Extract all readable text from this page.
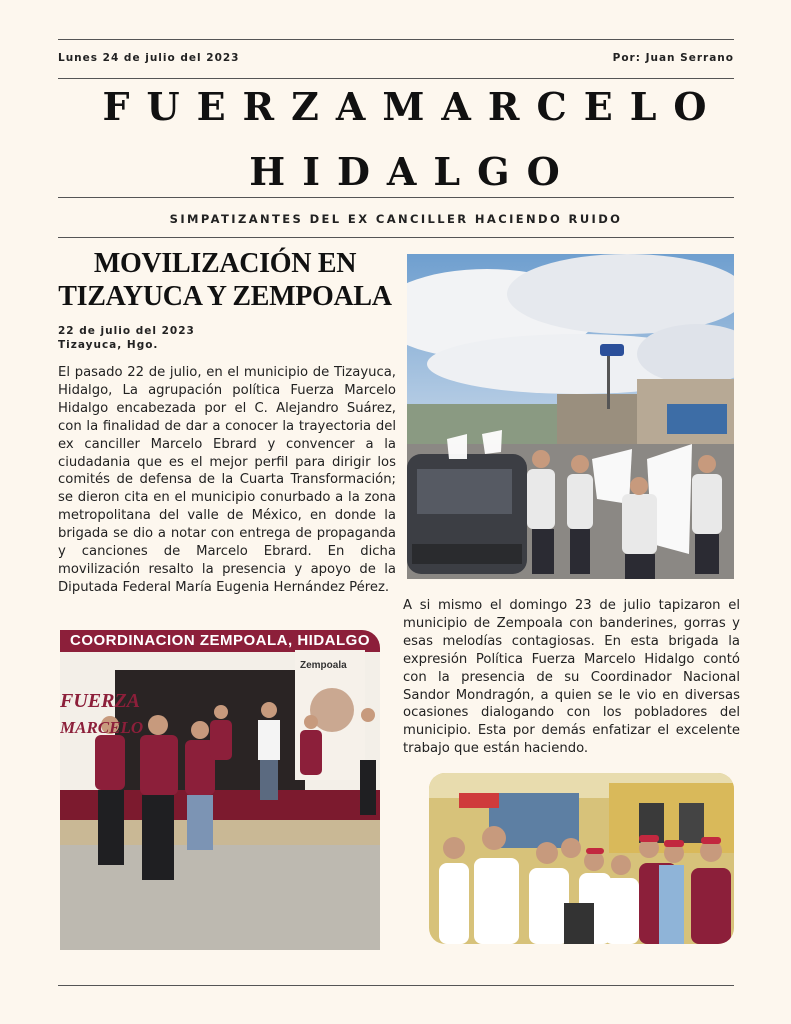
Lunes 24 de julio del 2023	Por: Juan Serrano
FUERZAMARCELO
HIDALGO
SIMPATIZANTES DEL EX CANCILLER HACIENDO RUIDO
MOVILIZACIÓN EN TIZAYUCA Y ZEMPOALA
22 de julio del 2023
Tizayuca, Hgo.

El pasado 22 de julio, en el municipio de Tizayuca, Hidalgo, La agrupación política Fuerza Marcelo Hidalgo encabezada por el C. Alejandro Suárez, con la finalidad de dar a conocer la trayectoria del ex canciller Marcelo Ebrard y convencer a la ciudadania que es el mejor perfil para dirigir los comités de defensa de la Cuarta Transformación; se dieron cita en el municipio conurbado a la zona metropolitana del valle de México, en donde la brigada se dio a notar con entrega de propaganda y canciones de Marcelo Ebrard. En dicha movilización resalto la presencia y apoyo de la Diputada Federal María Eugenia Hernández Pérez.

A si mismo el domingo 23 de julio tapizaron el municipio de Zempoala con banderines, gorras y esas melodías contagiosas. En esta brigada la expresión Política Fuerza Marcelo Hidalgo contó con la presencia de su Coordinador Nacional Sandor Mondragón, a quien se le vio en diversas ocasiones dialogando con los pobladores del municipio. Esta por demás enfatizar el excelente trabajo que están haciendo.

COORDINACION ZEMPOALA, HIDALGO
Zempoala
FUERZA
MARCELO
